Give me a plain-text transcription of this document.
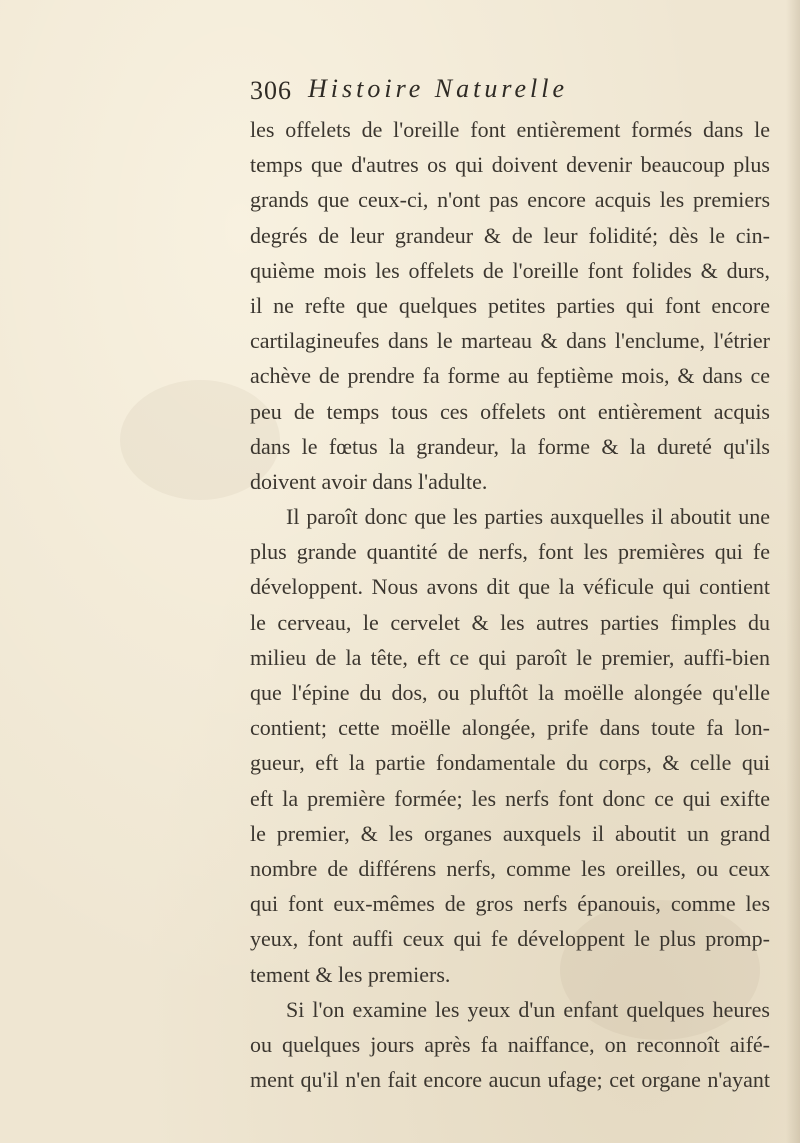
306 Histoire Naturelle
les offelets de l'oreille font entièrement formés dans le
temps que d'autres os qui doivent devenir beaucoup plus
grands que ceux-ci, n'ont pas encore acquis les premiers
degrés de leur grandeur & de leur folidité; dès le cin-
quième mois les offelets de l'oreille font folides & durs,
il ne refte que quelques petites parties qui font encore
cartilagineufes dans le marteau & dans l'enclume, l'étrier
achève de prendre fa forme au feptième mois, & dans ce
peu de temps tous ces offelets ont entièrement acquis
dans le fœtus la grandeur, la forme & la dureté qu'ils
doivent avoir dans l'adulte.
Il paroît donc que les parties auxquelles il aboutit une
plus grande quantité de nerfs, font les premières qui fe
développent. Nous avons dit que la véficule qui contient
le cerveau, le cervelet & les autres parties fimples du
milieu de la tête, eft ce qui paroît le premier, auffi-bien
que l'épine du dos, ou pluftôt la moëlle alongée qu'elle
contient; cette moëlle alongée, prife dans toute fa lon-
gueur, eft la partie fondamentale du corps, & celle qui
eft la première formée; les nerfs font donc ce qui exifte
le premier, & les organes auxquels il aboutit un grand
nombre de différens nerfs, comme les oreilles, ou ceux
qui font eux-mêmes de gros nerfs épanouis, comme les
yeux, font auffi ceux qui fe développent le plus promp-
tement & les premiers.
Si l'on examine les yeux d'un enfant quelques heures
ou quelques jours après fa naiffance, on reconnoît aifé-
ment qu'il n'en fait encore aucun ufage; cet organe n'ayant
